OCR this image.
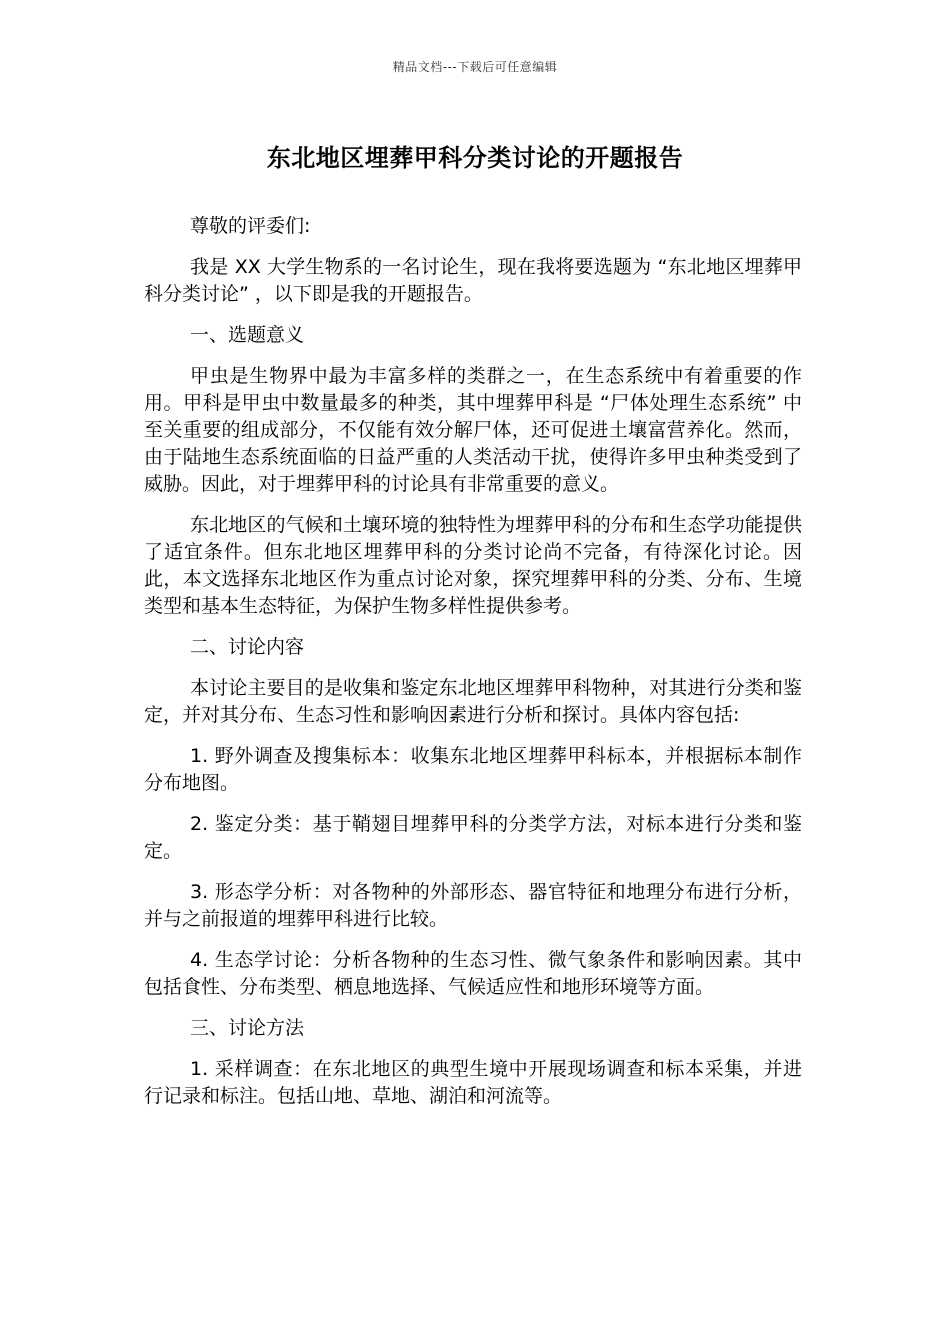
精品文档---下载后可任意编辑
东北地区埋葬甲科分类讨论的开题报告

尊敬的评委们:

我是 XX 大学生物系的一名讨论生，现在我将要选题为 “东北地区埋葬甲科分类讨论” ，以下即是我的开题报告。

一、选题意义

甲虫是生物界中最为丰富多样的类群之一，在生态系统中有着重要的作用。甲科是甲虫中数量最多的种类，其中埋葬甲科是 “尸体处理生态系统” 中至关重要的组成部分，不仅能有效分解尸体，还可促进土壤富营养化。然而，由于陆地生态系统面临的日益严重的人类活动干扰，使得许多甲虫种类受到了威胁。因此，对于埋葬甲科的讨论具有非常重要的意义。

东北地区的气候和土壤环境的独特性为埋葬甲科的分布和生态学功能提供了适宜条件。但东北地区埋葬甲科的分类讨论尚不完备，有待深化讨论。因此，本文选择东北地区作为重点讨论对象，探究埋葬甲科的分类、分布、生境类型和基本生态特征，为保护生物多样性提供参考。

二、讨论内容

本讨论主要目的是收集和鉴定东北地区埋葬甲科物种，对其进行分类和鉴定，并对其分布、生态习性和影响因素进行分析和探讨。具体内容包括:

1. 野外调查及搜集标本：收集东北地区埋葬甲科标本，并根据标本制作分布地图。

2. 鉴定分类：基于鞘翅目埋葬甲科的分类学方法，对标本进行分类和鉴定。

3. 形态学分析：对各物种的外部形态、器官特征和地理分布进行分析，并与之前报道的埋葬甲科进行比较。

4. 生态学讨论：分析各物种的生态习性、微气象条件和影响因素。其中包括食性、分布类型、栖息地选择、气候适应性和地形环境等方面。

三、讨论方法

1. 采样调查：在东北地区的典型生境中开展现场调查和标本采集，并进行记录和标注。包括山地、草地、湖泊和河流等。
